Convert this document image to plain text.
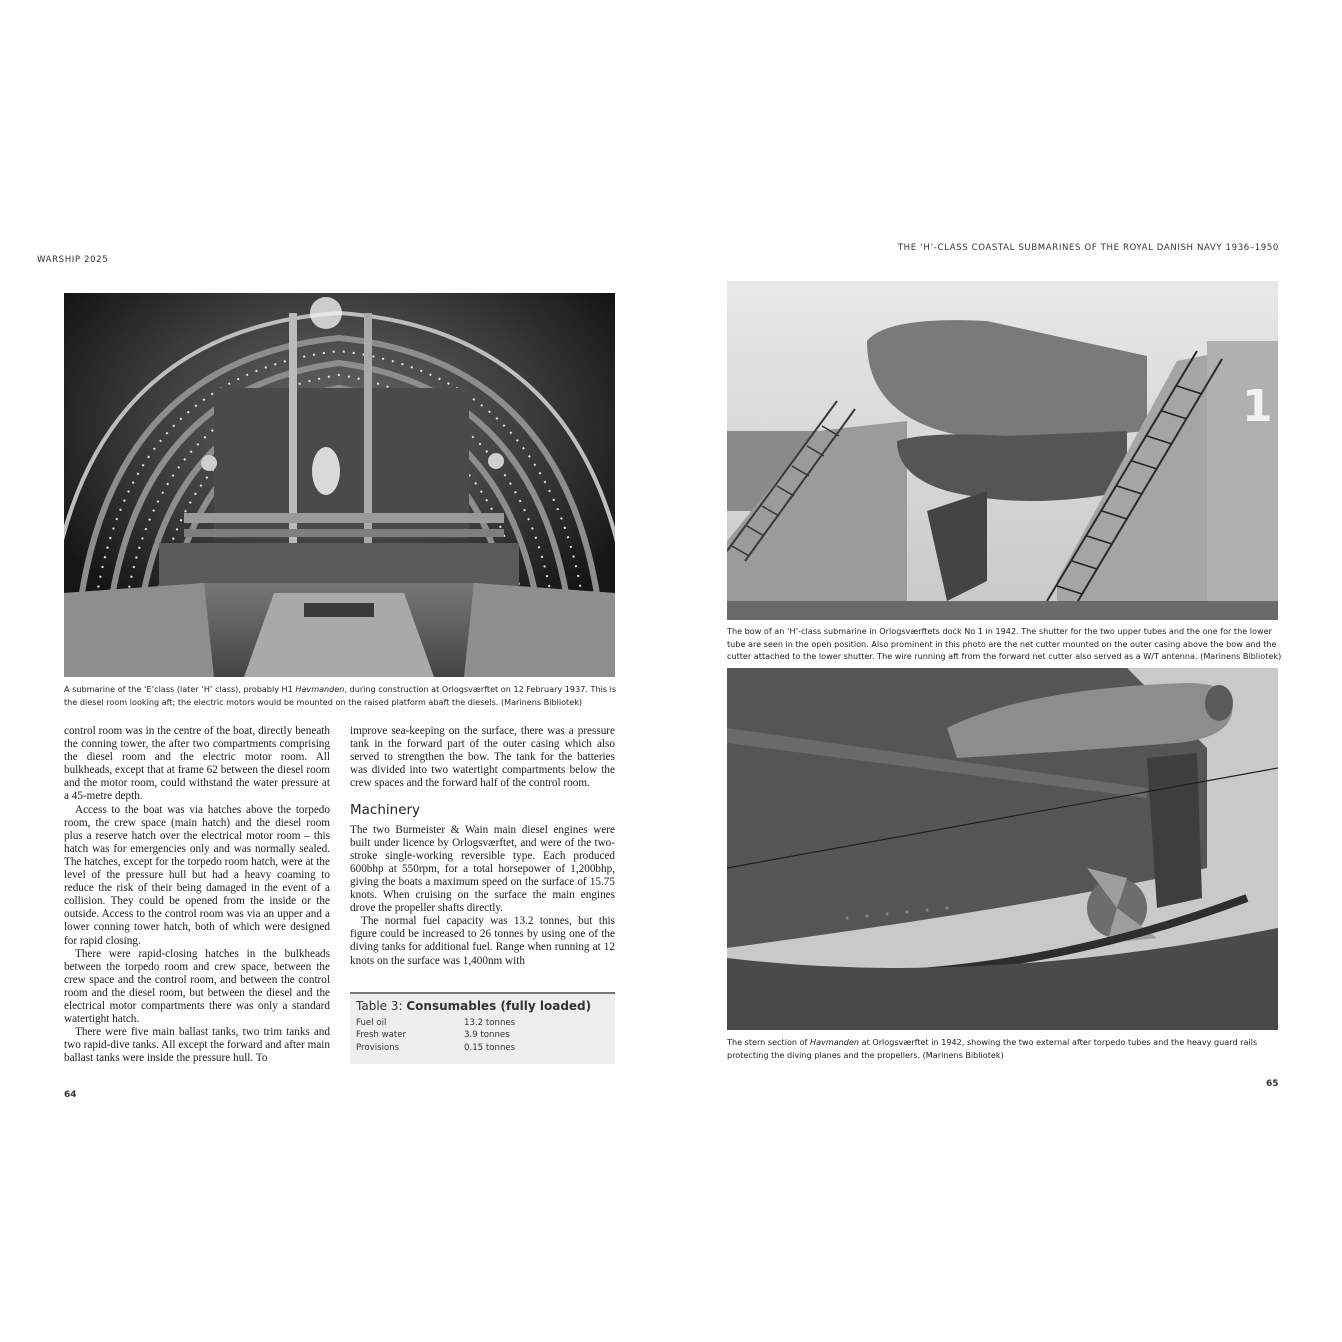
WARSHIP 2025

A submarine of the ‘E’class (later ‘H’ class), probably H1 Havmanden, during construction at Orlogsværftet on 12 February 1937. This is the diesel room looking aft; the electric motors would be mounted on the raised platform abaft the diesels. (Marinens Bibliotek)

control room was in the centre of the boat, directly beneath the conning tower, the after two compartments comprising the diesel room and the electric motor room. All bulkheads, except that at frame 62 between the diesel room and the motor room, could withstand the water pressure at a 45-metre depth.

Access to the boat was via hatches above the torpedo room, the crew space (main hatch) and the diesel room plus a reserve hatch over the electrical motor room – this hatch was for emergencies only and was normally sealed. The hatches, except for the torpedo room hatch, were at the level of the pressure hull but had a heavy coaming to reduce the risk of their being damaged in the event of a collision. They could be opened from the inside or the outside. Access to the control room was via an upper and a lower conning tower hatch, both of which were designed for rapid closing.

There were rapid-closing hatches in the bulkheads between the torpedo room and crew space, between the crew space and the control room, and between the control room and the diesel room, but between the diesel and the electrical motor compartments there was only a standard watertight hatch.

There were five main ballast tanks, two trim tanks and two rapid-dive tanks. All except the forward and after main ballast tanks were inside the pressure hull. To

improve sea-keeping on the surface, there was a pressure tank in the forward part of the outer casing which also served to strengthen the bow. The tank for the batteries was divided into two watertight compartments below the crew spaces and the forward half of the control room.

Machinery

The two Burmeister & Wain main diesel engines were built under licence by Orlogsværftet, and were of the two-stroke single-working reversible type. Each produced 600bhp at 550rpm, for a total horsepower of 1,200bhp, giving the boats a maximum speed on the surface of 15.75 knots. When cruising on the surface the main engines drove the propeller shafts directly.

The normal fuel capacity was 13.2 tonnes, but this figure could be increased to 26 tonnes by using one of the diving tanks for additional fuel. Range when running at 12 knots on the surface was 1,400nm with

Table 3: Consumables (fully loaded)
Fuel oil	13.2 tonnes
Fresh water	3.9 tonnes
Provisions	0.15 tonnes
64
THE ‘H’-CLASS COASTAL SUBMARINES OF THE ROYAL DANISH NAVY 1936–1950
1

The bow of an ‘H’-class submarine in Orlogsværftets dock No 1 in 1942. The shutter for the two upper tubes and the one for the lower tube are seen in the open position. Also prominent in this photo are the net cutter mounted on the outer casing above the bow and the cutter attached to the lower shutter. The wire running aft from the forward net cutter also served as a W/T antenna. (Marinens Bibliotek)

The stern section of Havmanden at Orlogsværftet in 1942, showing the two external after torpedo tubes and the heavy guard rails protecting the diving planes and the propellers. (Marinens Bibliotek)

65
